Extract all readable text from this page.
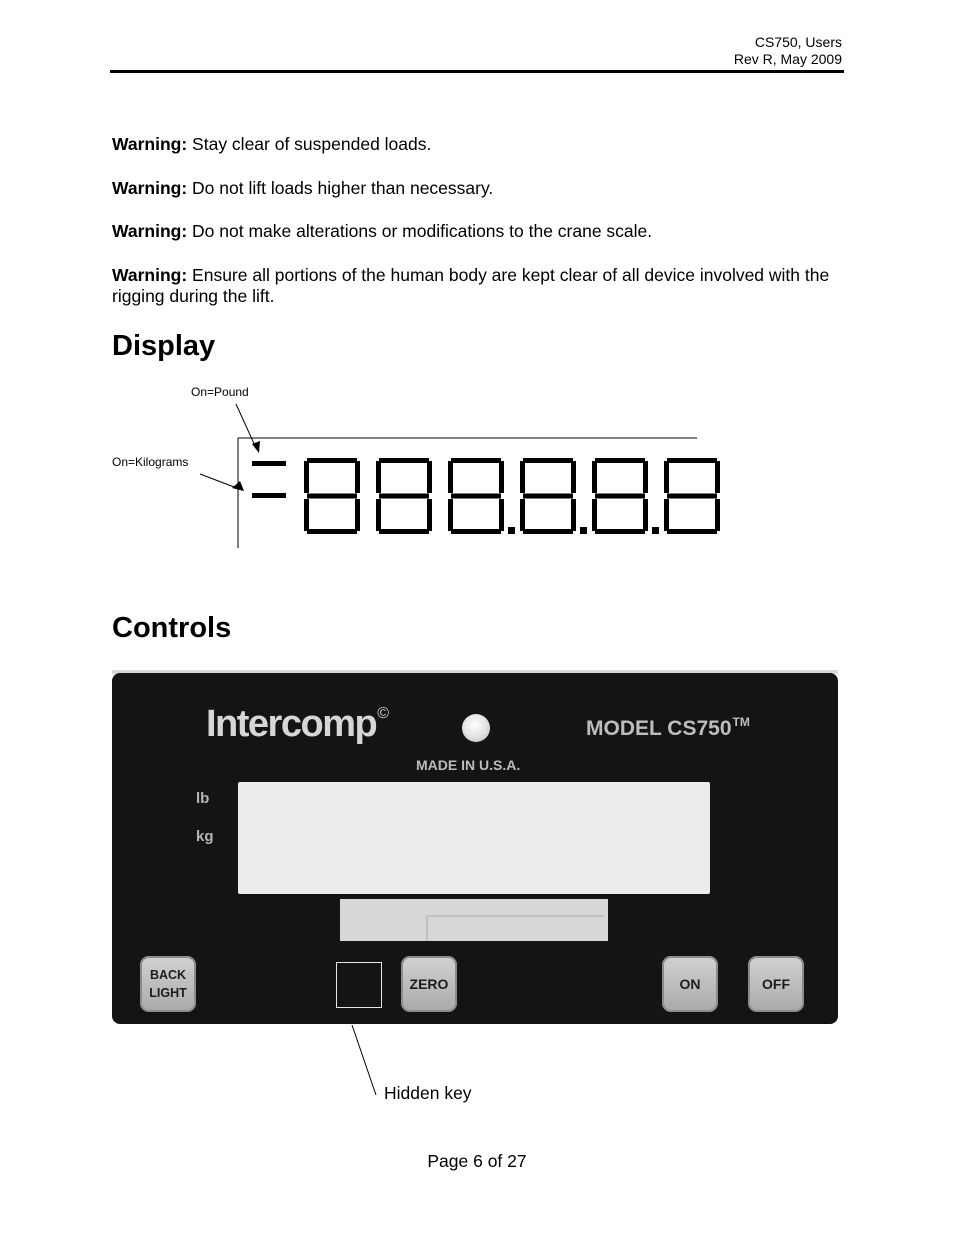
CS750, Users
Rev R, May 2009

Warning: Stay clear of suspended loads.

Warning: Do not lift loads higher than necessary.

Warning: Do not make alterations or modifications to the crane scale.

Warning: Ensure all portions of the human body are kept clear of all device involved with the rigging during the lift.

Display
On=Pound
On=Kilograms
Controls
Intercomp©
MODEL CS750™
MADE IN U.S.A.
lb
kg
BACK
LIGHT
ZERO	ON	OFF
Hidden key
Page 6 of 27
